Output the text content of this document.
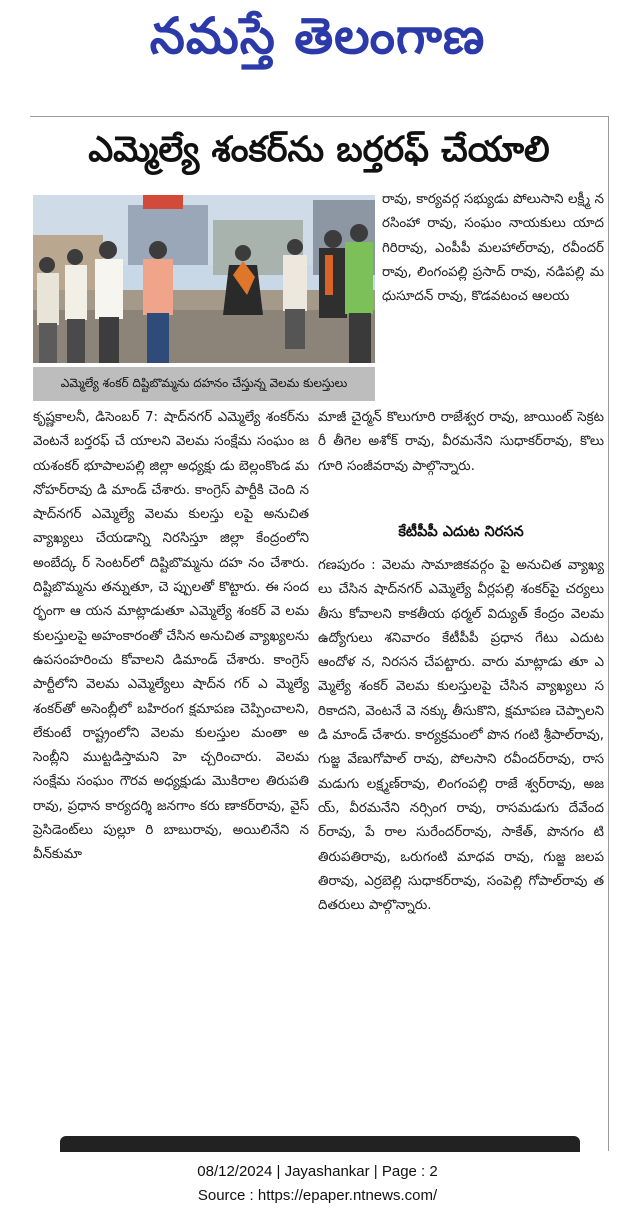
నమస్తే తెలంగాణ
ఎమ్మెల్యే శంకర్‌ను బర్తరఫ్ చేయాలి
ఎమ్మెల్యే శంకర్ దిష్టిబొమ్మను దహనం చేస్తున్న వెలమ కులస్తులు

రావు, కార్యవర్గ సభ్యుడు పోలుసాని లక్ష్మీ నరసింహా రావు, సంఘం నాయకులు యాదగిరిరావు, ఎంపీపీ మలహాల్‌రావు, రవీందర్ రావు, లింగంపల్లి ప్రసాద్ రావు, నడిపల్లి మధుసూదన్ రావు, కొడవటంచ ఆలయ

మాజీ చైర్మన్ కొలుగూరి రాజేశ్వర రావు, జాయింట్ సెక్రటరీ తీగెల అశోక్ రావు, వీరమనేని సుధాకర్‌రావు, కొలు గూరి సంజీవరావు పాల్గొన్నారు.

కృష్ణకాలనీ, డిసెంబర్ 7: షాద్‌నగర్ ఎమ్మెల్యే శంకర్‌ను వెంటనే బర్తరఫ్ చే యాలని వెలమ సంక్షేమ సంఘం జ యశంకర్ భూపాలపల్లి జిల్లా అధ్యక్షు డు బెల్లంకొండ మనోహర్‌రావు డి మాండ్ చేశారు. కాంగ్రెస్ పార్టీకి చెంది న షాద్‌నగర్ ఎమ్మెల్యే వెలమ కులస్తు లపై అనుచిత వ్యాఖ్యలు చేయడాన్ని నిరసిస్తూ జిల్లా కేంద్రంలోని అంబేద్క ర్ సెంటర్‌లో దిష్టిబొమ్మను దహ నం చేశారు. దిష్టిబొమ్మను తన్నుతూ, చె ప్పులతో కొట్టారు. ఈ సందర్భంగా ఆ యన మాట్లాడుతూ ఎమ్మెల్యే శంకర్ వె లమ కులస్తులపై అహంకారంతో చేసిన అనుచిత వ్యాఖ్యలను ఉపసంహరించు కోవాలని డిమాండ్ చేశారు. కాంగ్రెస్ పార్టీలోని వెలమ ఎమ్మెల్యేలు షాద్‌న గర్ ఎ మ్మెల్యే శంకర్‌తో అసెంబ్లీలో బహిరంగ క్షమాపణ చెప్పించాలని, లేకుంటే రాష్ట్రంలోని వెలమ కులస్తుల మంతా అ సెంబ్లీని ముట్టడిస్తామని హె చ్చరించారు. వెలమ సంక్షేమ సంఘం గౌరవ అధ్యక్షుడు మొకిరాల తిరుపతి రావు, ప్రధాన కార్యదర్శి జనగాం కరు ణాకర్‌రావు, వైస్ ప్రెసిడెంట్‌లు పుల్లూ రి బాబురావు, అయిలినేని నవీన్‌కుమా

కేటీపీపీ ఎదుట నిరసన

గణపురం : వెలమ సామాజికవర్గం పై అనుచిత వ్యాఖ్యలు చేసిన షాద్‌నగర్ ఎమ్మెల్యే వీర్లపల్లి శంకర్‌పై చర్యలు తీసు కోవాలని కాకతీయ థర్మల్ విద్యుత్ కేంద్రం వెలమ ఉద్యోగులు శనివారం కేటీపీపీ ప్రధాన గేటు ఎదుట ఆందోళ న, నిరసన చేపట్టారు. వారు మాట్లాడు తూ ఎమ్మెల్యే శంకర్ వెలమ కులస్తులపై చేసిన వ్యాఖ్యలు సరికాదని, వెంటనే వె నక్కు తీసుకొని, క్షమాపణ చెప్పాలని డి మాండ్ చేశారు. కార్యక్రమంలో పొన గంటి శ్రీపాల్‌రావు, గుజ్జ వేణుగోపాల్ రావు, పోలసాని రవీందర్‌రావు, రాస మడుగు లక్ష్మణ్‌రావు, లింగంపల్లి రాజే శ్వర్‌రావు, అజయ్, వీరమనేని నర్సింగ రావు, రాసమడుగు దేవేందర్‌రావు, పే రాల సురేందర్‌రావు, సాకేత్, పొనగం టి తిరుపతిరావు, ఒరుగంటి మాధవ రావు, గుజ్జ జలపతిరావు, ఎర్రబెల్లి సుధాకర్‌రావు, సంపెల్లి గోపాల్‌రావు తదితరులు పాల్గొన్నారు.

08/12/2024 | Jayashankar | Page : 2
Source : https://epaper.ntnews.com/
